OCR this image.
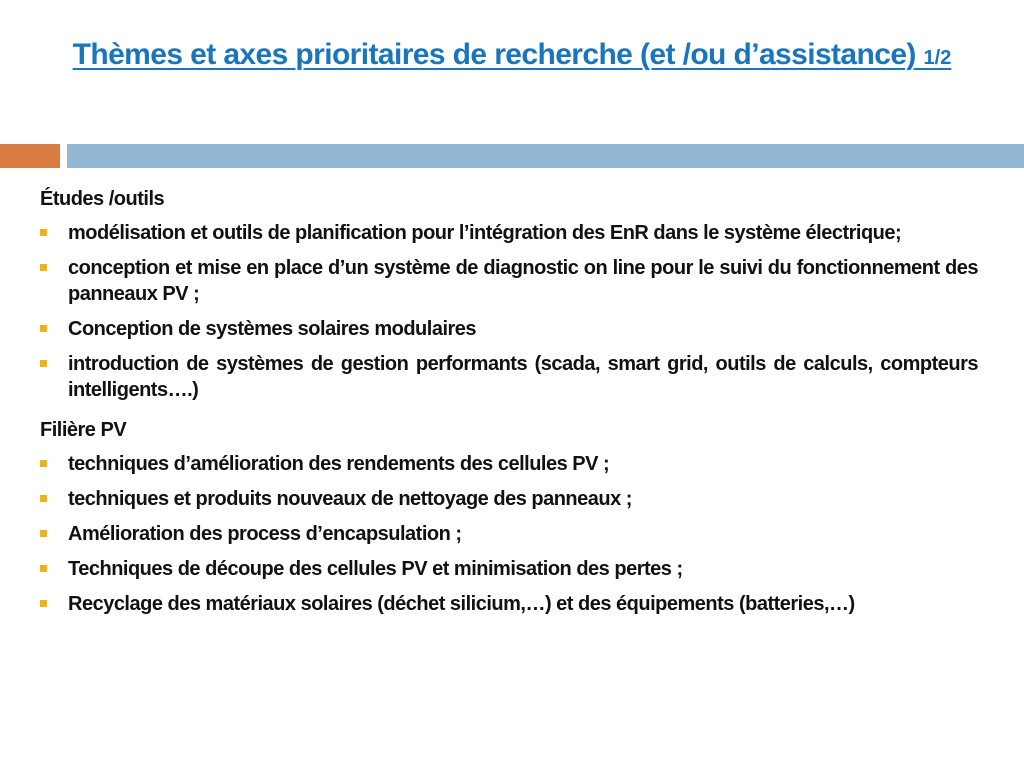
Thèmes et axes prioritaires de recherche (et /ou d’assistance) 1/2
Études /outils
modélisation et outils de planification pour l’intégration des EnR dans le système électrique;
conception et mise en place d’un système de diagnostic on line pour le suivi du fonctionnement des panneaux PV ;
Conception de systèmes solaires modulaires
introduction de systèmes de gestion performants (scada, smart grid, outils de calculs, compteurs intelligents….)
Filière PV
techniques d’amélioration des rendements des cellules PV ;
techniques et produits nouveaux de nettoyage des panneaux ;
Amélioration des process d’encapsulation ;
Techniques de découpe des cellules PV et minimisation des pertes ;
Recyclage des matériaux solaires (déchet silicium,…) et des équipements (batteries,…)
